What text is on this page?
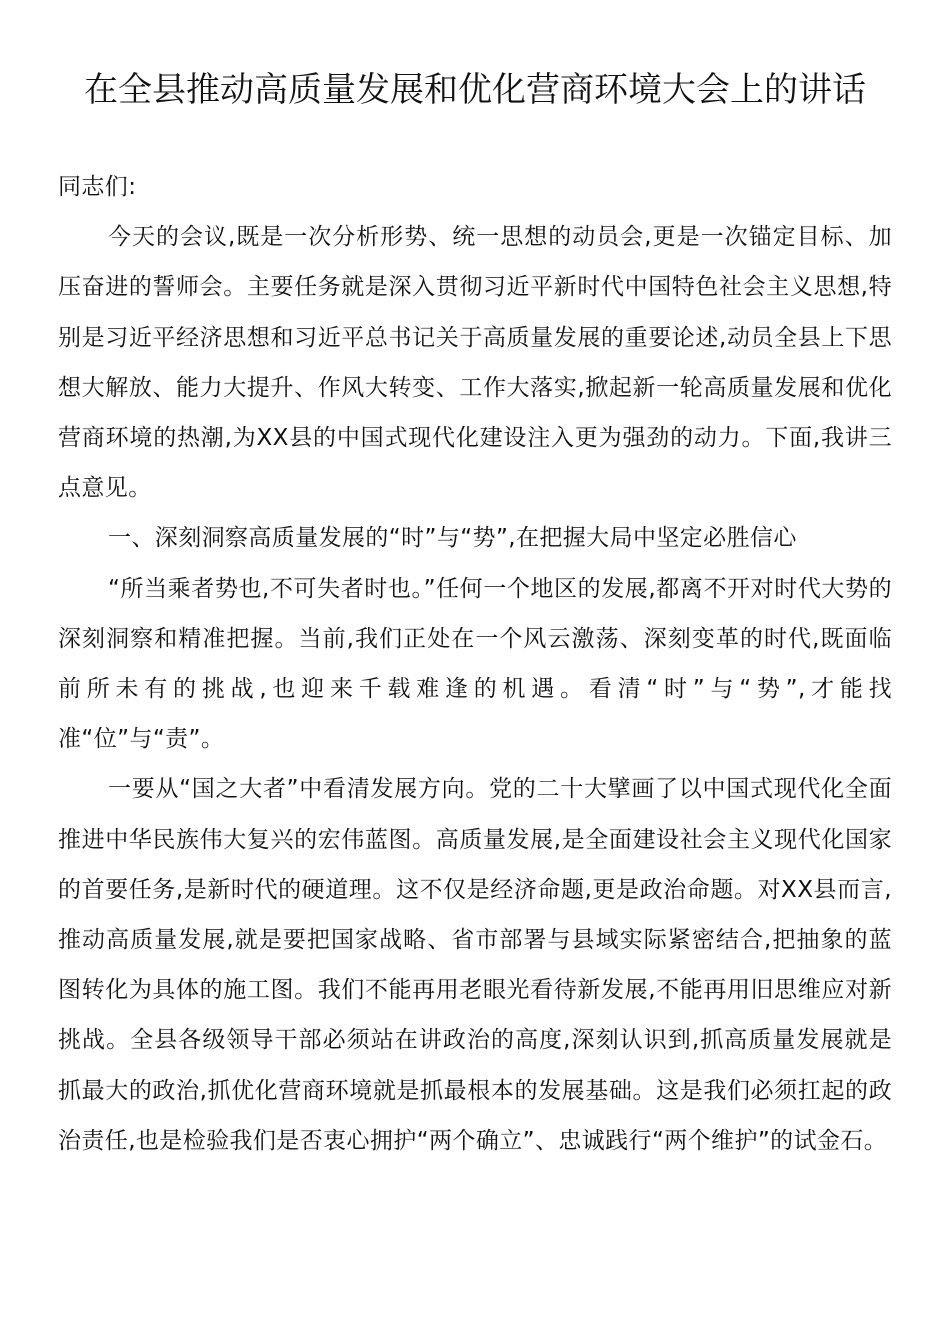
在全县推动高质量发展和优化营商环境大会上的讲话

同志们:

今天的会议,既是一次分析形势、统一思想的动员会,更是一次锚定目标、加压奋进的誓师会。主要任务就是深入贯彻习近平新时代中国特色社会主义思想,特别是习近平经济思想和习近平总书记关于高质量发展的重要论述,动员全县上下思想大解放、能力大提升、作风大转变、工作大落实,掀起新一轮高质量发展和优化营商环境的热潮,为XX县的中国式现代化建设注入更为强劲的动力。下面,我讲三点意见。

一、深刻洞察高质量发展的“时”与“势”,在把握大局中坚定必胜信心

“所当乘者势也,不可失者时也。”任何一个地区的发展,都离不开对时代大势的深刻洞察和精准把握。当前,我们正处在一个风云激荡、深刻变革的时代,既面临前所未有的挑战,也迎来千载难逢的机遇。看清“时”与“势”,才能找准“位”与“责”。

一要从“国之大者”中看清发展方向。党的二十大擘画了以中国式现代化全面推进中华民族伟大复兴的宏伟蓝图。高质量发展,是全面建设社会主义现代化国家的首要任务,是新时代的硬道理。这不仅是经济命题,更是政治命题。对XX县而言,推动高质量发展,就是要把国家战略、省市部署与县域实际紧密结合,把抽象的蓝图转化为具体的施工图。我们不能再用老眼光看待新发展,不能再用旧思维应对新挑战。全县各级领导干部必须站在讲政治的高度,深刻认识到,抓高质量发展就是抓最大的政治,抓优化营商环境就是抓最根本的发展基础。这是我们必须扛起的政治责任,也是检验我们是否衷心拥护“两个确立”、忠诚践行“两个维护”的试金石。
